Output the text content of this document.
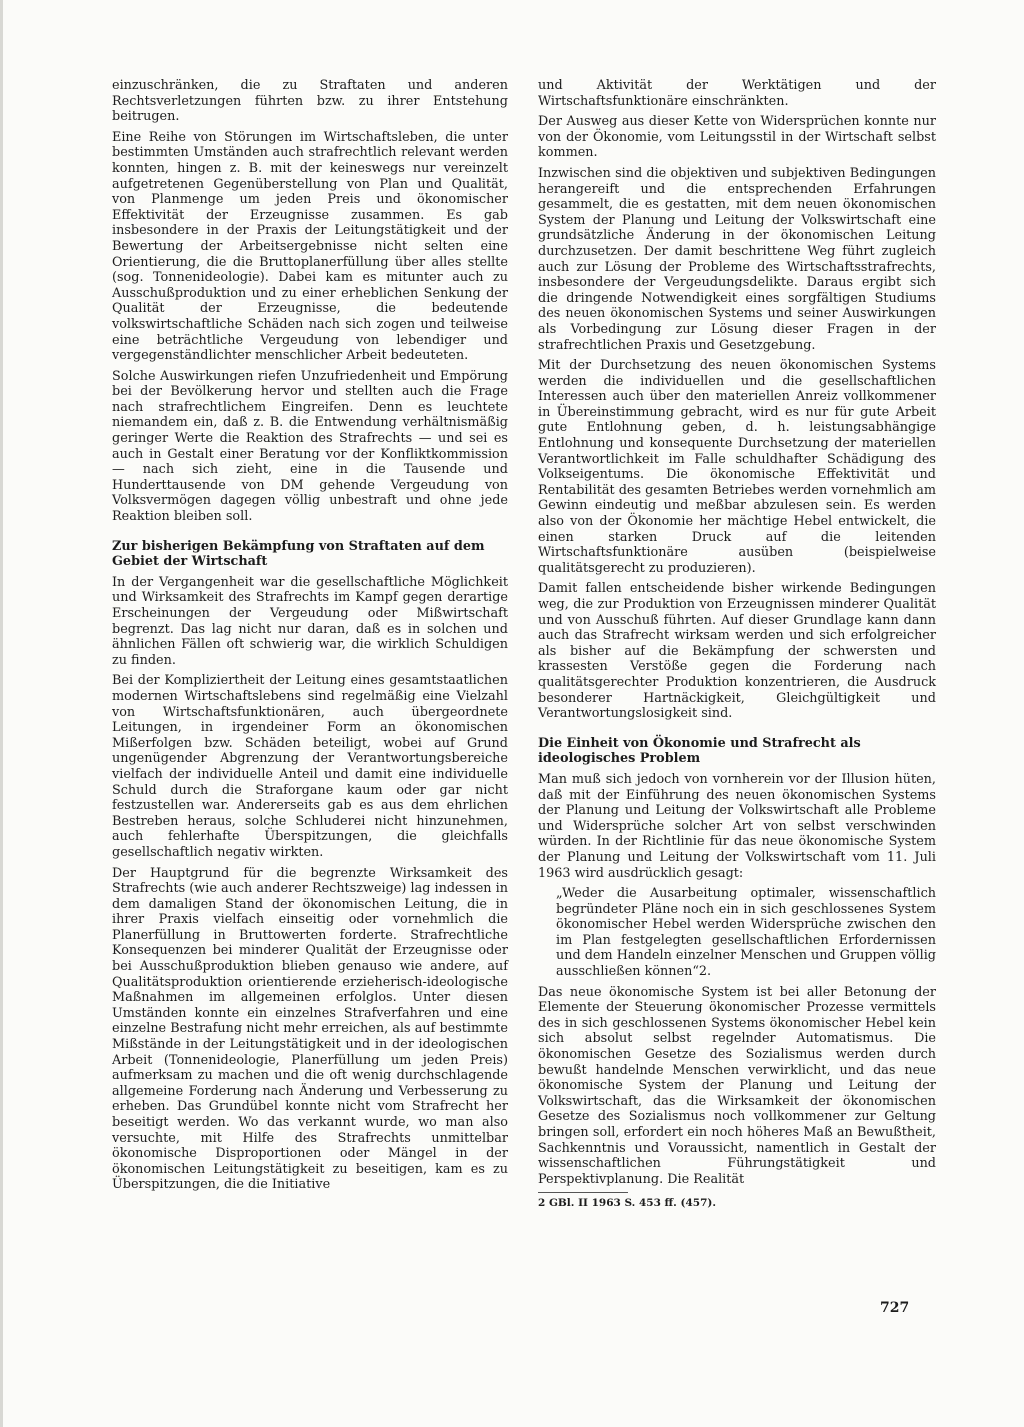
einzuschränken, die zu Straftaten und anderen Rechtsverletzungen führten bzw. zu ihrer Entstehung beitrugen.

Eine Reihe von Störungen im Wirtschaftsleben, die unter bestimmten Umständen auch strafrechtlich relevant werden konnten, hingen z. B. mit der keineswegs nur vereinzelt aufgetretenen Gegenüberstellung von Plan und Qualität, von Planmenge um jeden Preis und ökonomischer Effektivität der Erzeugnisse zusammen. Es gab insbesondere in der Praxis der Leitungstätigkeit und der Bewertung der Arbeitsergebnisse nicht selten eine Orientierung, die die Bruttoplanerfüllung über alles stellte (sog. Tonnenideologie). Dabei kam es mitunter auch zu Ausschußproduktion und zu einer erheblichen Senkung der Qualität der Erzeugnisse, die bedeutende volkswirtschaftliche Schäden nach sich zogen und teilweise eine beträchtliche Vergeudung von lebendiger und vergegenständlichter menschlicher Arbeit bedeuteten.

Solche Auswirkungen riefen Unzufriedenheit und Empörung bei der Bevölkerung hervor und stellten auch die Frage nach strafrechtlichem Eingreifen. Denn es leuchtete niemandem ein, daß z. B. die Entwendung verhältnismäßig geringer Werte die Reaktion des Strafrechts — und sei es auch in Gestalt einer Beratung vor der Konfliktkommission — nach sich zieht, eine in die Tausende und Hunderttausende von DM gehende Vergeudung von Volksvermögen dagegen völlig unbestraft und ohne jede Reaktion bleiben soll.

Zur bisherigen Bekämpfung von Straftaten auf dem Gebiet der Wirtschaft

In der Vergangenheit war die gesellschaftliche Möglichkeit und Wirksamkeit des Strafrechts im Kampf gegen derartige Erscheinungen der Vergeudung oder Mißwirtschaft begrenzt. Das lag nicht nur daran, daß es in solchen und ähnlichen Fällen oft schwierig war, die wirklich Schuldigen zu finden.

Bei der Kompliziertheit der Leitung eines gesamtstaatlichen modernen Wirtschaftslebens sind regelmäßig eine Vielzahl von Wirtschaftsfunktionären, auch übergeordnete Leitungen, in irgendeiner Form an ökonomischen Mißerfolgen bzw. Schäden beteiligt, wobei auf Grund ungenügender Abgrenzung der Verantwortungsbereiche vielfach der individuelle Anteil und damit eine individuelle Schuld durch die Straforgane kaum oder gar nicht festzustellen war. Andererseits gab es aus dem ehrlichen Bestreben heraus, solche Schluderei nicht hinzunehmen, auch fehlerhafte Überspitzungen, die gleichfalls gesellschaftlich negativ wirkten.

Der Hauptgrund für die begrenzte Wirksamkeit des Strafrechts (wie auch anderer Rechtszweige) lag indessen in dem damaligen Stand der ökonomischen Leitung, die in ihrer Praxis vielfach einseitig oder vornehmlich die Planerfüllung in Bruttowerten forderte. Strafrechtliche Konsequenzen bei minderer Qualität der Erzeugnisse oder bei Ausschußproduktion blieben genauso wie andere, auf Qualitätsproduktion orientierende erzieherisch-ideologische Maßnahmen im allgemeinen erfolglos. Unter diesen Umständen konnte ein einzelnes Strafverfahren und eine einzelne Bestrafung nicht mehr erreichen, als auf bestimmte Mißstände in der Leitungstätigkeit und in der ideologischen Arbeit (Tonnenideologie, Planerfüllung um jeden Preis) aufmerksam zu machen und die oft wenig durchschlagende allgemeine Forderung nach Änderung und Verbesserung zu erheben. Das Grundübel konnte nicht vom Strafrecht her beseitigt werden. Wo das verkannt wurde, wo man also versuchte, mit Hilfe des Strafrechts unmittelbar ökonomische Disproportionen oder Mängel in der ökonomischen Leitungstätigkeit zu beseitigen, kam es zu Überspitzungen, die die Initiative

und Aktivität der Werktätigen und der Wirtschaftsfunktionäre einschränkten.

Der Ausweg aus dieser Kette von Widersprüchen konnte nur von der Ökonomie, vom Leitungsstil in der Wirtschaft selbst kommen.

Inzwischen sind die objektiven und subjektiven Bedingungen herangereift und die entsprechenden Erfahrungen gesammelt, die es gestatten, mit dem neuen ökonomischen System der Planung und Leitung der Volkswirtschaft eine grundsätzliche Änderung in der ökonomischen Leitung durchzusetzen. Der damit beschrittene Weg führt zugleich auch zur Lösung der Probleme des Wirtschaftsstrafrechts, insbesondere der Vergeudungsdelikte. Daraus ergibt sich die dringende Notwendigkeit eines sorgfältigen Studiums des neuen ökonomischen Systems und seiner Auswirkungen als Vorbedingung zur Lösung dieser Fragen in der strafrechtlichen Praxis und Gesetzgebung.

Mit der Durchsetzung des neuen ökonomischen Systems werden die individuellen und die gesellschaftlichen Interessen auch über den materiellen Anreiz vollkommener in Übereinstimmung gebracht, wird es nur für gute Arbeit gute Entlohnung geben, d. h. leistungsabhängige Entlohnung und konsequente Durchsetzung der materiellen Verantwortlichkeit im Falle schuldhafter Schädigung des Volkseigentums. Die ökonomische Effektivität und Rentabilität des gesamten Betriebes werden vornehmlich am Gewinn eindeutig und meßbar abzulesen sein. Es werden also von der Ökonomie her mächtige Hebel entwickelt, die einen starken Druck auf die leitenden Wirtschaftsfunktionäre ausüben (beispielweise qualitätsgerecht zu produzieren).

Damit fallen entscheidende bisher wirkende Bedingungen weg, die zur Produktion von Erzeugnissen minderer Qualität und von Ausschuß führten. Auf dieser Grundlage kann dann auch das Strafrecht wirksam werden und sich erfolgreicher als bisher auf die Bekämpfung der schwersten und krassesten Verstöße gegen die Forderung nach qualitätsgerechter Produktion konzentrieren, die Ausdruck besonderer Hartnäckigkeit, Gleichgültigkeit und Verantwortungslosigkeit sind.

Die Einheit von Ökonomie und Strafrecht als ideologisches Problem

Man muß sich jedoch von vornherein vor der Illusion hüten, daß mit der Einführung des neuen ökonomischen Systems der Planung und Leitung der Volkswirtschaft alle Probleme und Widersprüche solcher Art von selbst verschwinden würden. In der Richtlinie für das neue ökonomische System der Planung und Leitung der Volkswirtschaft vom 11. Juli 1963 wird ausdrücklich gesagt:

„Weder die Ausarbeitung optimaler, wissenschaftlich begründeter Pläne noch ein in sich geschlossenes System ökonomischer Hebel werden Widersprüche zwischen den im Plan festgelegten gesellschaftlichen Erfordernissen und dem Handeln einzelner Menschen und Gruppen völlig ausschließen können“2.

Das neue ökonomische System ist bei aller Betonung der Elemente der Steuerung ökonomischer Prozesse vermittels des in sich geschlossenen Systems ökonomischer Hebel kein sich absolut selbst regelnder Automatismus. Die ökonomischen Gesetze des Sozialismus werden durch bewußt handelnde Menschen verwirklicht, und das neue ökonomische System der Planung und Leitung der Volkswirtschaft, das die Wirksamkeit der ökonomischen Gesetze des Sozialismus noch vollkommener zur Geltung bringen soll, erfordert ein noch höheres Maß an Bewußtheit, Sachkenntnis und Voraussicht, namentlich in Gestalt der wissenschaftlichen Führungstätigkeit und Perspektivplanung. Die Realität

2 GBl. II 1963 S. 453 ff. (457).
727
